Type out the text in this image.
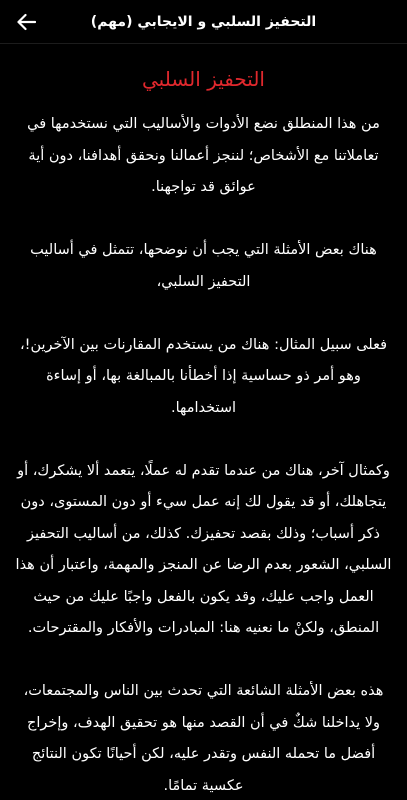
التحفيز السلبي و الايجابي (مهم)
التحفيز السلبي

من هذا المنطلق نضع الأدوات والأساليب التي نستخدمها في تعاملاتنا مع الأشخاص؛ لننجز أعمالنا ونحقق أهدافنا، دون أية عوائق قد تواجهنا.

هناك بعض الأمثلة التي يجب أن نوضحها، تتمثل في أساليب التحفيز السلبي،

فعلى سبيل المثال: هناك من يستخدم المقارنات بين الآخرين!، وهو أمر ذو حساسية إذا أخطأنا بالمبالغة بها، أو إساءة استخدامها.

وكمثال آخر، هناك من عندما تقدم له عملًا، يتعمد ألا يشكرك، أو يتجاهلك، أو قد يقول لك إنه عمل سيء أو دون المستوى، دون ذكر أسباب؛ وذلك بقصد تحفيزك. كذلك، من أساليب التحفيز السلبي، الشعور بعدم الرضا عن المنجز والمهمة، واعتبار أن هذا العمل واجب عليك، وقد يكون بالفعل واجبًا عليك من حيث المنطق، ولكنْ ما نعنيه هنا: المبادرات والأفكار والمقترحات.

هذه بعض الأمثلة الشائعة التي تحدث بين الناس والمجتمعات، ولا يداخلنا شكٌ في أن القصد منها هو تحقيق الهدف، وإخراج أفضل ما تحمله النفس وتقدر عليه، لكن أحيانًا تكون النتائج عكسية تمامًا.
